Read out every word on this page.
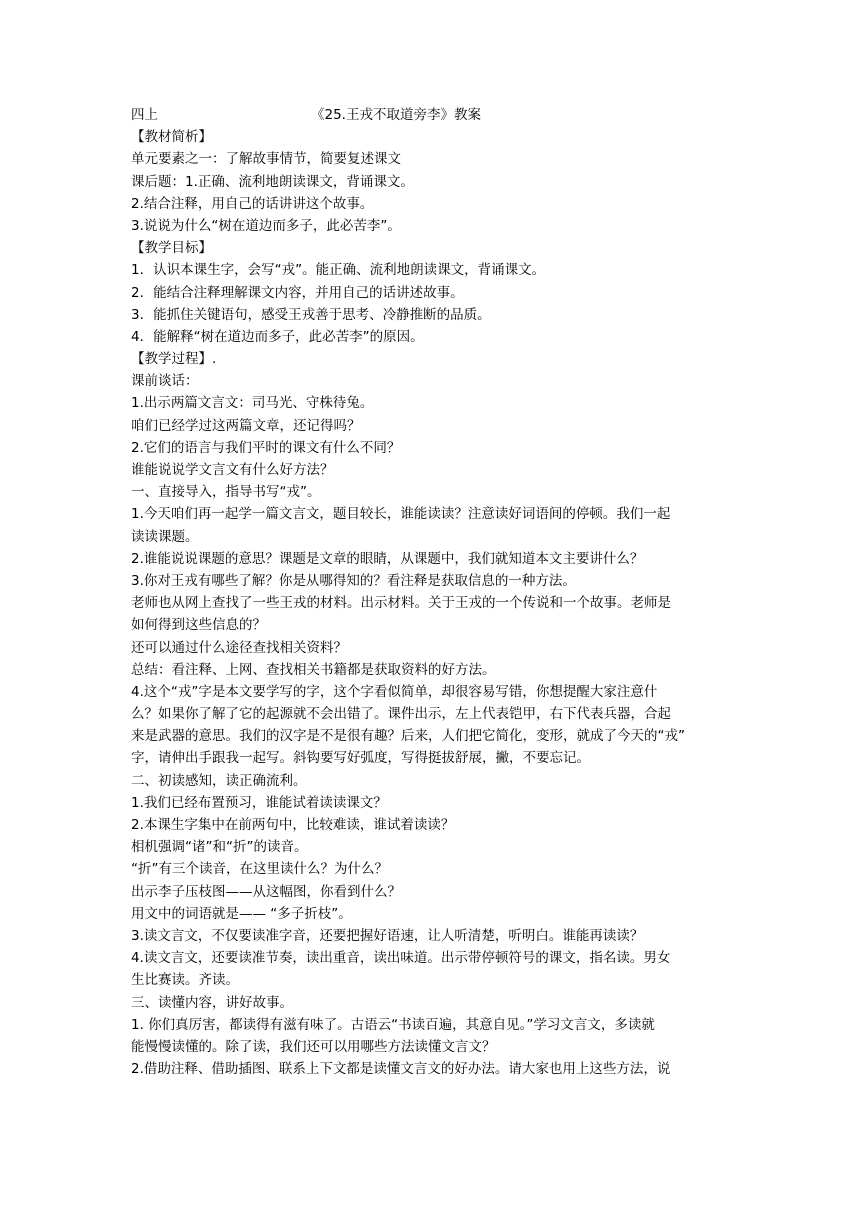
四上	《25.王戎不取道旁李》教案
【教材简析】
单元要素之一：了解故事情节，简要复述课文
课后题：1.正确、流利地朗读课文，背诵课文。
2.结合注释，用自己的话讲讲这个故事。
3.说说为什么“树在道边而多子，此必苦李”。
【教学目标】
1．认识本课生字，会写“戎”。能正确、流利地朗读课文，背诵课文。
2．能结合注释理解课文内容，并用自己的话讲述故事。
3．能抓住关键语句，感受王戎善于思考、冷静推断的品质。
4．能解释“树在道边而多子，此必苦李”的原因。
【教学过程】.
课前谈话：
1.出示两篇文言文：司马光、守株待兔。
咱们已经学过这两篇文章，还记得吗？
2.它们的语言与我们平时的课文有什么不同？
谁能说说学文言文有什么好方法？
一、直接导入，指导书写“戎”。
1.今天咱们再一起学一篇文言文，题目较长，谁能读读？注意读好词语间的停顿。我们一起
读读课题。
2.谁能说说课题的意思？课题是文章的眼睛，从课题中，我们就知道本文主要讲什么？
3.你对王戎有哪些了解？你是从哪得知的？看注释是获取信息的一种方法。
老师也从网上查找了一些王戎的材料。出示材料。关于王戎的一个传说和一个故事。老师是
如何得到这些信息的？
还可以通过什么途径查找相关资料？
总结：看注释、上网、查找相关书籍都是获取资料的好方法。
4.这个“戎”字是本文要学写的字，这个字看似简单，却很容易写错，你想提醒大家注意什
么？如果你了解了它的起源就不会出错了。课件出示，左上代表铠甲，右下代表兵器，合起
来是武器的意思。我们的汉字是不是很有趣？后来，人们把它简化，变形，就成了今天的“戎”
字，请伸出手跟我一起写。斜钩要写好弧度，写得挺拔舒展，撇，不要忘记。
二、初读感知，读正确流利。
1.我们已经布置预习，谁能试着读读课文？
2.本课生字集中在前两句中，比较难读，谁试着读读？
相机强调“诸”和“折”的读音。
“折”有三个读音，在这里读什么？为什么？
出示李子压枝图——从这幅图，你看到什么？
用文中的词语就是—— “多子折枝”。
3.读文言文，不仅要读准字音，还要把握好语速，让人听清楚，听明白。谁能再读读？
4.读文言文，还要读准节奏，读出重音，读出味道。出示带停顿符号的课文，指名读。男女
生比赛读。齐读。
三、读懂内容，讲好故事。
1. 你们真厉害，都读得有滋有味了。古语云“书读百遍，其意自见。”学习文言文，多读就
能慢慢读懂的。除了读，我们还可以用哪些方法读懂文言文？
2.借助注释、借助插图、联系上下文都是读懂文言文的好办法。请大家也用上这些方法，说
